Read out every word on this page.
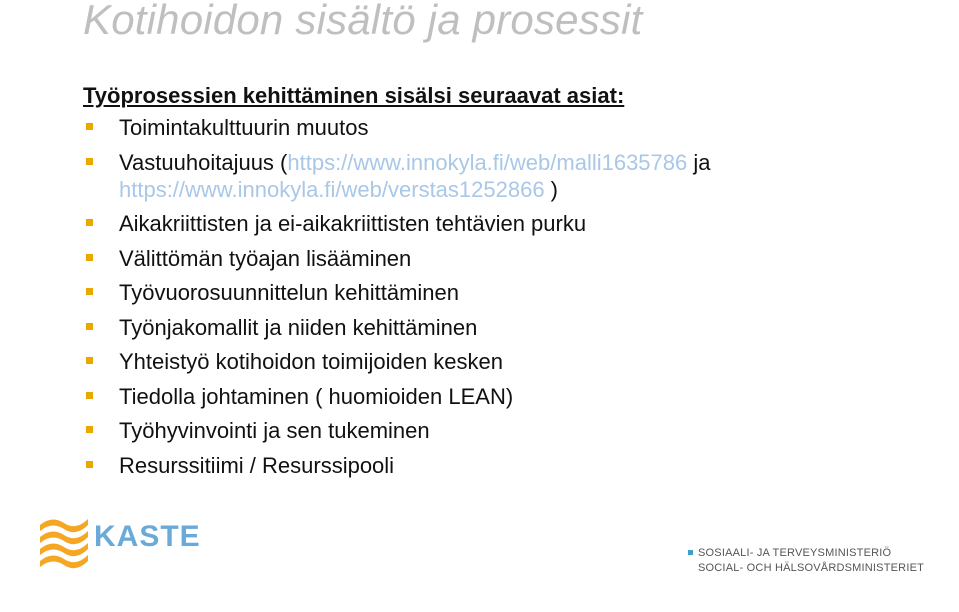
Kotihoidon sisältö ja prosessit
Työprosessien kehittäminen sisälsi seuraavat asiat:
Toimintakulttuurin muutos
Vastuuhoitajuus (https://www.innokyla.fi/web/malli1635786 ja
https://www.innokyla.fi/web/verstas1252866 )
Aikakriittisten ja ei-aikakriittisten tehtävien purku
Välittömän työajan lisääminen
Työvuorosuunnittelun kehittäminen
Työnjakomallit ja niiden kehittäminen
Yhteistyö kotihoidon toimijoiden kesken
Tiedolla johtaminen ( huomioiden LEAN)
Työhyvinvointi ja sen tukeminen
Resurssitiimi / Resurssipooli
KASTE	SOSIAALI- JA TERVEYSMINISTERIÖ
SOCIAL- OCH HÄLSOVÅRDSMINISTERIET
